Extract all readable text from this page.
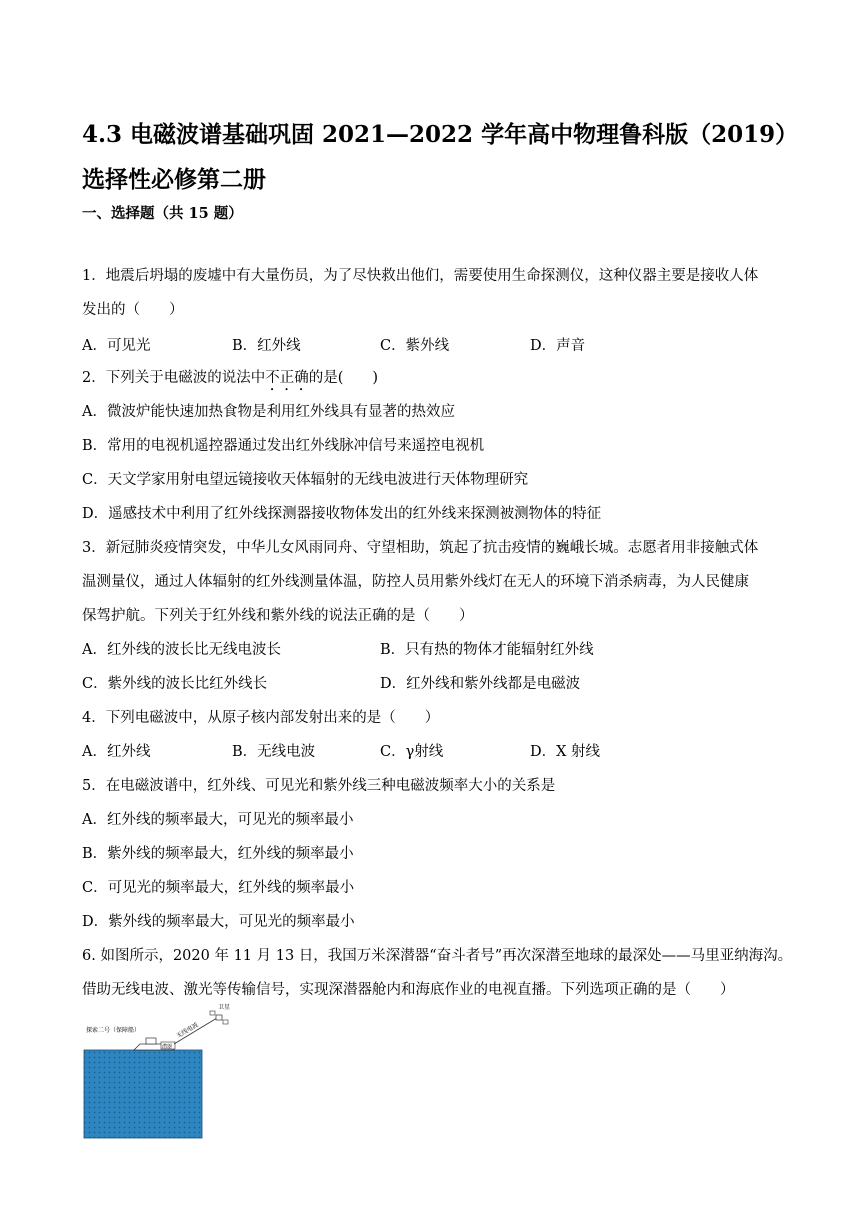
4.3 电磁波谱基础巩固 2021—2022 学年高中物理鲁科版（2019）选择性必修第二册

一、选择题（共 15 题）

1．地震后坍塌的废墟中有大量伤员，为了尽快救出他们，需要使用生命探测仪，这种仪器主要是接收人体

发出的（　　）

A．可见光	B．红外线	C．紫外线	D．声音

2．下列关于电磁波的说法中不正确的是(　　)

A．微波炉能快速加热食物是利用红外线具有显著的热效应

B．常用的电视机遥控器通过发出红外线脉冲信号来遥控电视机

C．天文学家用射电望远镜接收天体辐射的无线电波进行天体物理研究

D．遥感技术中利用了红外线探测器接收物体发出的红外线来探测被测物体的特征

3．新冠肺炎疫情突发，中华儿女风雨同舟、守望相助，筑起了抗击疫情的巍峨长城。志愿者用非接触式体

温测量仪，通过人体辐射的红外线测量体温，防控人员用紫外线灯在无人的环境下消杀病毒，为人民健康

保驾护航。下列关于红外线和紫外线的说法正确的是（　　）

A．红外线的波长比无线电波长	B．只有热的物体才能辐射红外线
C．紫外线的波长比红外线长	D．红外线和紫外线都是电磁波

4．下列电磁波中，从原子核内部发射出来的是（　　）

A．红外线	B．无线电波	C．γ射线	D．X 射线

5．在电磁波谱中，红外线、可见光和紫外线三种电磁波频率大小的关系是

A．红外线的频率最大，可见光的频率最小

B．紫外线的频率最大，红外线的频率最小

C．可见光的频率最大，红外线的频率最小

D．紫外线的频率最大，可见光的频率最小

6. 如图所示，2020 年 11 月 13 日，我国万米深潜器“奋斗者号”再次深潜至地球的最深处——马里亚纳海沟。

借助无线电波、激光等传输信号，实现深潜器舱内和海底作业的电视直播。下列选项正确的是（　　）

潜器
无线电波
卫星
探索二号（保障船）
